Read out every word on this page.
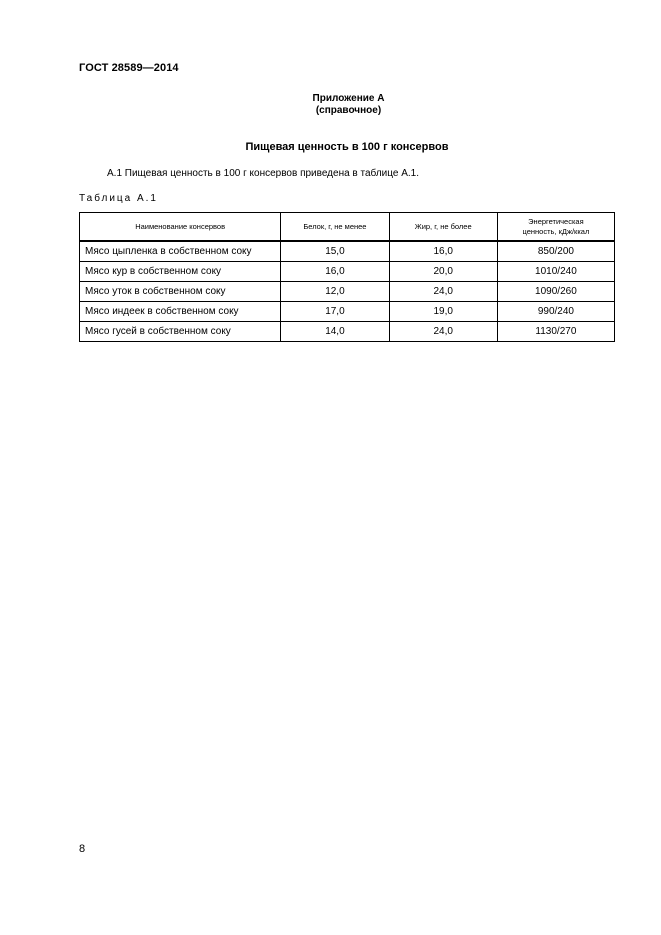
ГОСТ 28589—2014
Приложение А
(справочное)
Пищевая ценность в 100 г консервов
А.1 Пищевая ценность в 100 г консервов приведена в таблице А.1.
Таблица А.1
Наименование консервов	Белок, г, не менее	Жир, г, не более	Энергетическая
ценность, кДж/ккал
Мясо цыпленка в собственном соку	15,0	16,0	850/200
Мясо кур в собственном соку	16,0	20,0	1010/240
Мясо уток в собственном соку	12,0	24,0	1090/260
Мясо индеек в собственном соку	17,0	19,0	990/240
Мясо гусей в собственном соку	14,0	24,0	1130/270
8
